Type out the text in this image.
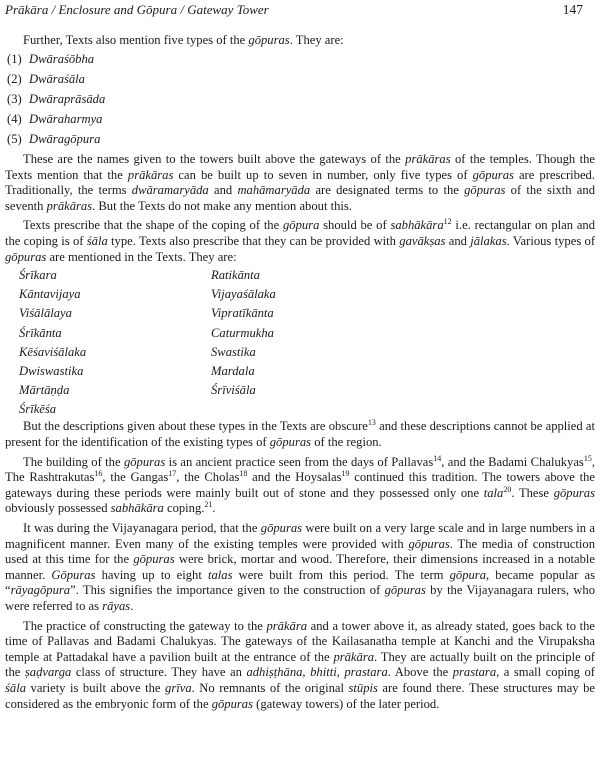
Prākāra / Enclosure and Gōpura / Gateway Tower	147

Further, Texts also mention five types of the gōpuras. They are:

(1) Dwāraśōbha
(2) Dwāraśāla
(3) Dwāraprāsāda
(4) Dwāraharmya
(5) Dwāragōpura

These are the names given to the towers built above the gateways of the prākāras of the temples. Though the Texts mention that the prākāras can be built up to seven in number, only five types of gōpuras are prescribed. Traditionally, the terms dwāramaryāda and mahāmaryāda are designated terms to the gōpuras of the sixth and seventh prākāras. But the Texts do not make any mention about this.

Texts prescribe that the shape of the coping of the gōpura should be of sabhākāra$^{12}$ i.e. rectangular on plan and the coping is of śāla type. Texts also prescribe that they can be provided with gavākṣas and jālakas. Various types of gōpuras are mentioned in the Texts. They are:

Śrīkara	Ratikānta
Kāntavijaya	Vijayaśālaka
Viśālālaya	Vipratīkānta
Śrīkānta	Caturmukha
Kēśaviśālaka	Swastika
Dwiswastika	Mardala
Mārtāṇḍa	Śrīviśāla
Śrīkēśa

But the descriptions given about these types in the Texts are obscure$^{13}$ and these descriptions cannot be applied at present for the identification of the existing types of gōpuras of the region.

The building of the gōpuras is an ancient practice seen from the days of Pallavas$^{14}$, and the Badami Chalukyas$^{15}$, The Rashtrakutas$^{16}$, the Gangas$^{17}$, the Cholas$^{18}$ and the Hoysalas$^{19}$ continued this tradition. The towers above the gateways during these periods were mainly built out of stone and they possessed only one tala$^{20}$. These gōpuras obviously possessed sabhākāra coping.$^{21}$.

It was during the Vijayanagara period, that the gōpuras were built on a very large scale and in large numbers in a magnificent manner. Even many of the existing temples were provided with gōpuras. The media of construction used at this time for the gōpuras were brick, mortar and wood. Therefore, their dimensions increased in a notable manner. Gōpuras having up to eight talas were built from this period. The term gōpura, became popular as “rāyagōpura”. This signifies the importance given to the construction of gōpuras by the Vijayanagara rulers, who were referred to as rāyas.

The practice of constructing the gateway to the prākāra and a tower above it, as already stated, goes back to the time of Pallavas and Badami Chalukyas. The gateways of the Kailasanatha temple at Kanchi and the Virupaksha temple at Pattadakal have a pavilion built at the entrance of the prākāra. They are actually built on the principle of the ṣaḍvarga class of structure. They have an adhiṣṭhāna, bhitti, prastara. Above the prastara, a small coping of śāla variety is built above the grīva. No remnants of the original stūpis are found there. These structures may be considered as the embryonic form of the gōpuras (gateway towers) of the later period.
